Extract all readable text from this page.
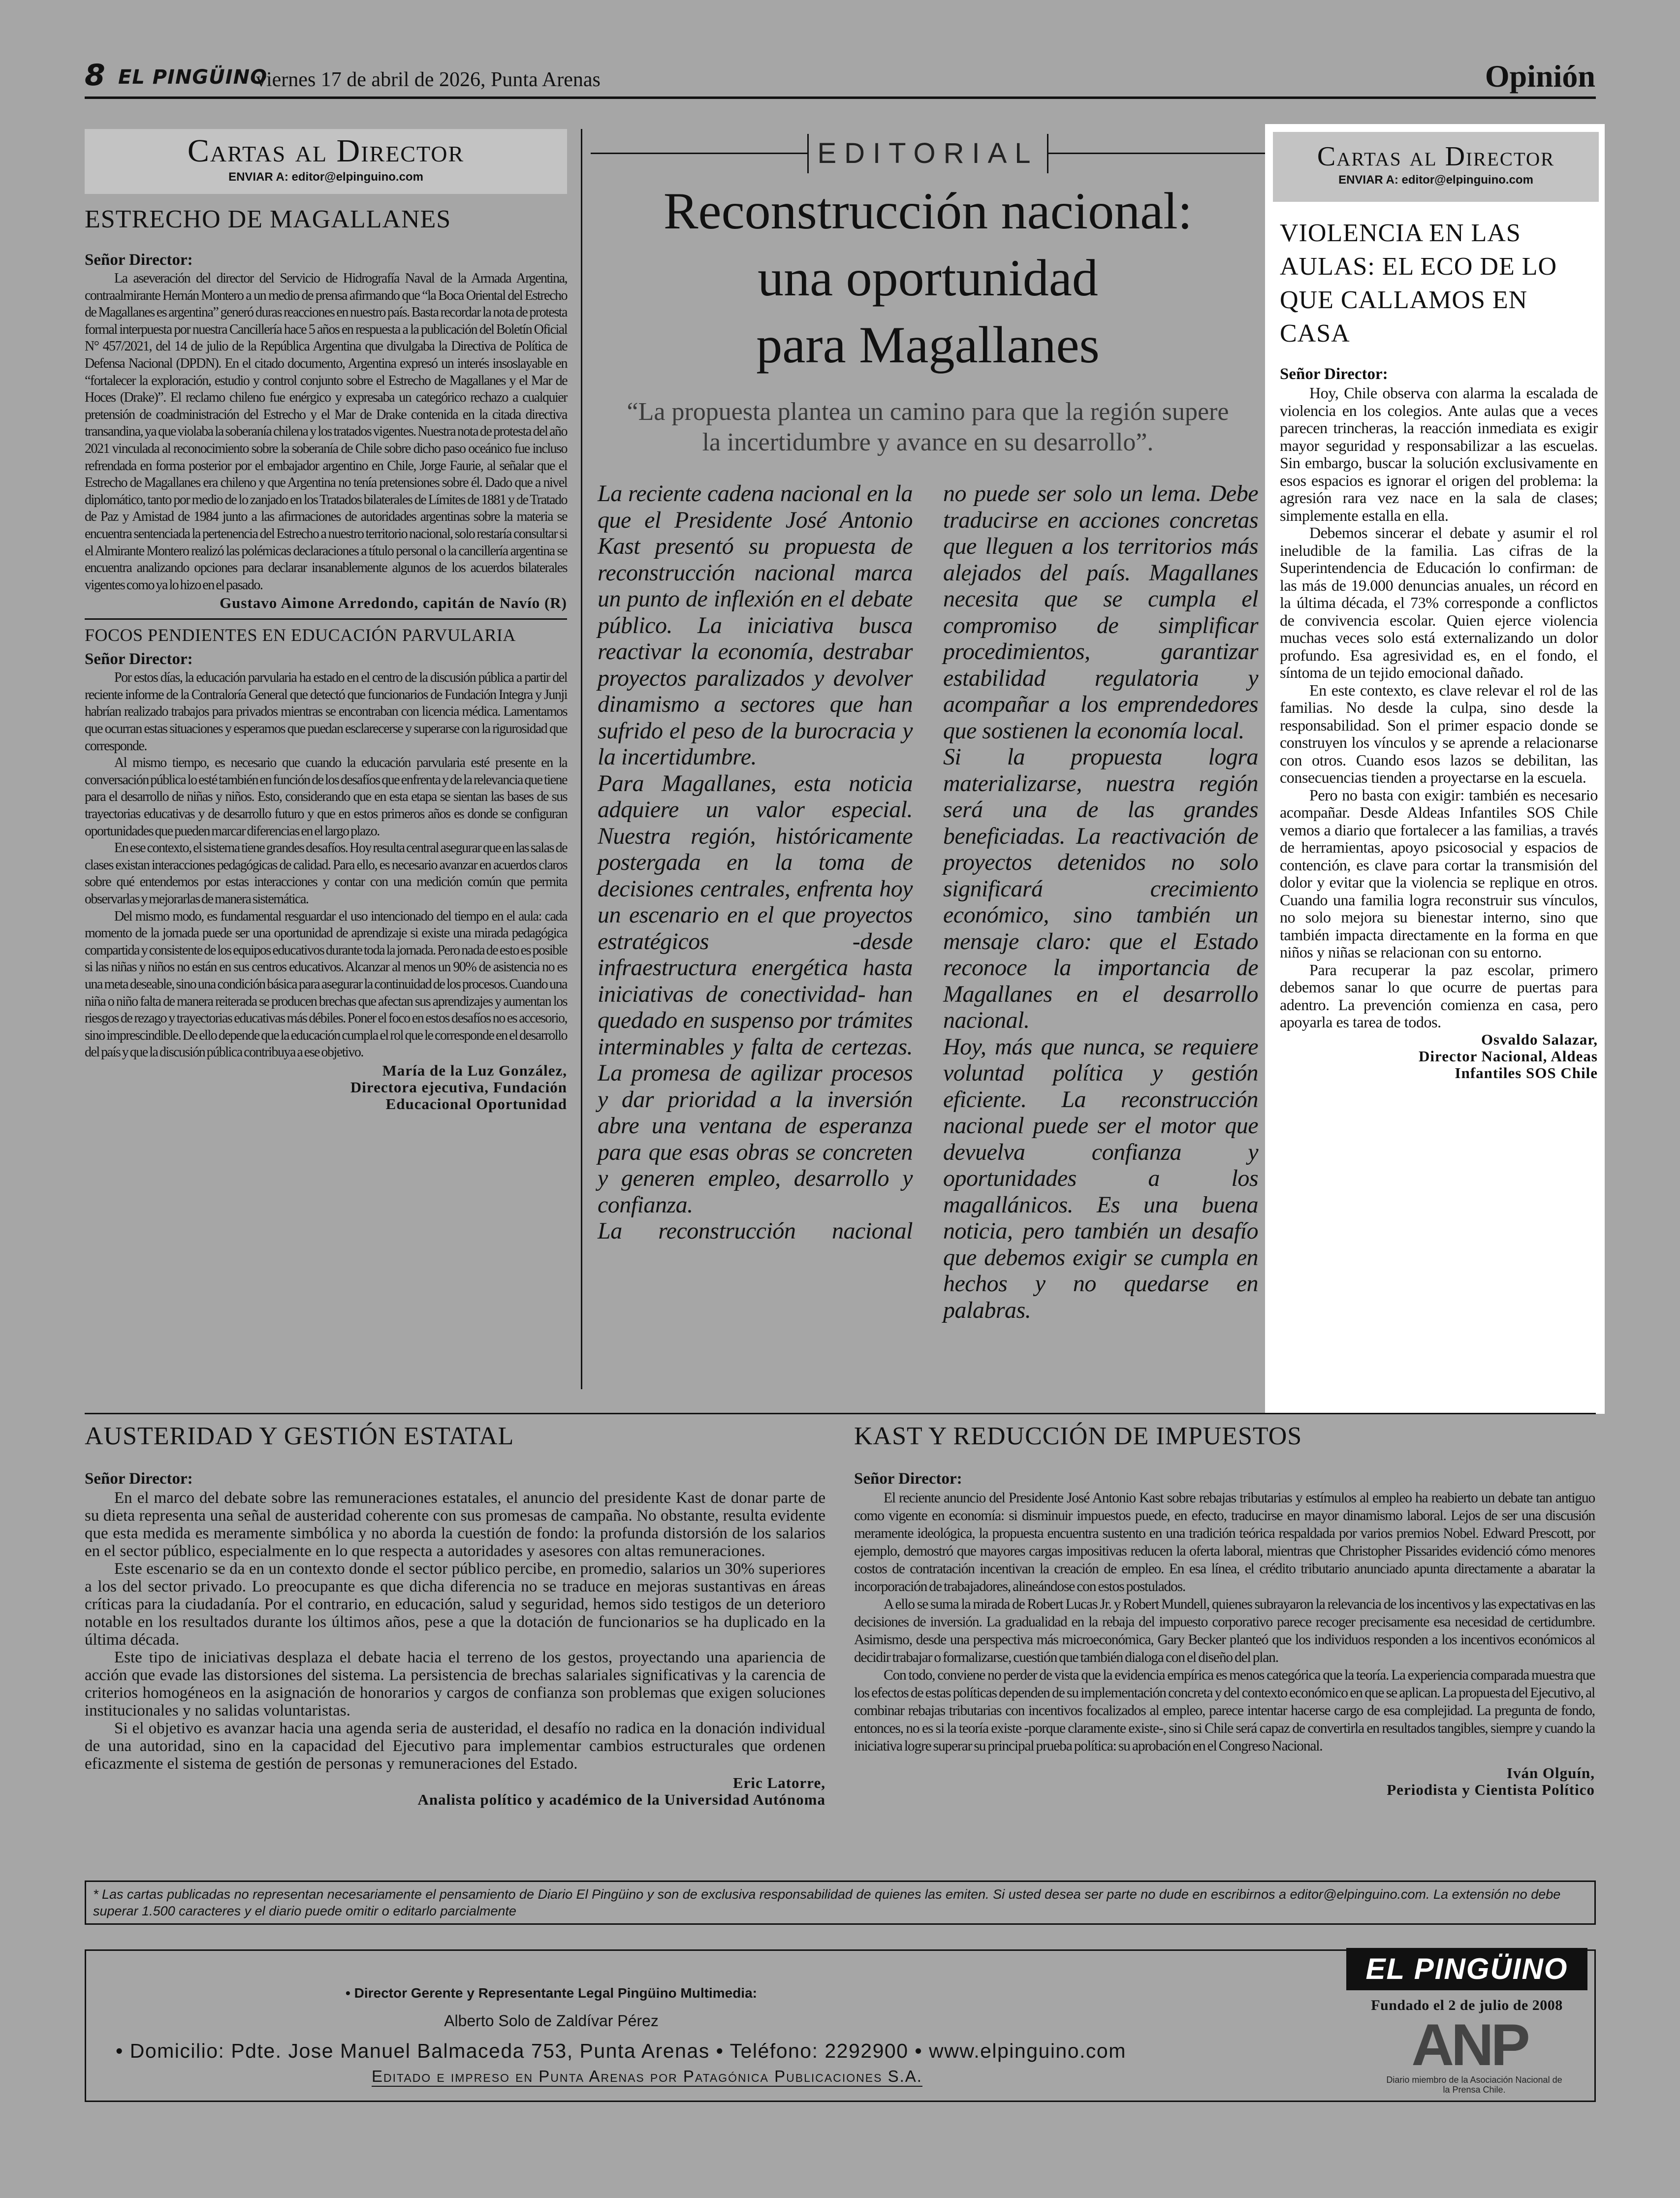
8 EL PINGÜINO
viernes 17 de abril de 2026, Punta Arenas	Opinión
Cartas al Director
ENVIAR A: editor@elpinguino.com
ESTRECHO DE MAGALLANES
Señor Director:

La aseveración del director del Servicio de Hidrografía Naval de la Armada Argentina, contraalmirante Hernán Montero a un medio de prensa afirmando que “la Boca Oriental del Estrecho de Magallanes es argentina” generó duras reacciones en nuestro país. Basta recordar la nota de protesta formal interpuesta por nuestra Cancillería hace 5 años en respuesta a la publicación del Boletín Oficial N° 457/2021, del 14 de julio de la República Argentina que divulgaba la Directiva de Política de Defensa Nacional (DPDN). En el citado documento, Argentina expresó un interés insoslayable en “fortalecer la exploración, estudio y control conjunto sobre el Estrecho de Magallanes y el Mar de Hoces (Drake)”. El reclamo chileno fue enérgico y expresaba un categórico rechazo a cualquier pretensión de coadministración del Estrecho y el Mar de Drake contenida en la citada directiva transandina, ya que violaba la soberanía chilena y los tratados vigentes. Nuestra nota de protesta del año 2021 vinculada al reconocimiento sobre la soberanía de Chile sobre dicho paso oceánico fue incluso refrendada en forma posterior por el embajador argentino en Chile, Jorge Faurie, al señalar que el Estrecho de Magallanes era chileno y que Argentina no tenía pretensiones sobre él. Dado que a nivel diplomático, tanto por medio de lo zanjado en los Tratados bilaterales de Límites de 1881 y de Tratado de Paz y Amistad de 1984 junto a las afirmaciones de autoridades argentinas sobre la materia se encuentra sentenciada la pertenencia del Estrecho a nuestro territorio nacional, solo restaría consultar si el Almirante Montero realizó las polémicas declaraciones a título personal o la cancillería argentina se encuentra analizando opciones para declarar insanablemente algunos de los acuerdos bilaterales vigentes como ya lo hizo en el pasado.

Gustavo Aimone Arredondo, capitán de Navío (R)
FOCOS PENDIENTES EN EDUCACIÓN PARVULARIA
Señor Director:

Por estos días, la educación parvularia ha estado en el centro de la discusión pública a partir del reciente informe de la Contraloría General que detectó que funcionarios de Fundación Integra y Junji habrían realizado trabajos para privados mientras se encontraban con licencia médica. Lamentamos que ocurran estas situaciones y esperamos que puedan esclarecerse y superarse con la rigurosidad que corresponde.

Al mismo tiempo, es necesario que cuando la educación parvularia esté presente en la conversación pública lo esté también en función de los desafíos que enfrenta y de la relevancia que tiene para el desarrollo de niñas y niños. Esto, considerando que en esta etapa se sientan las bases de sus trayectorias educativas y de desarrollo futuro y que en estos primeros años es donde se configuran oportunidades que pueden marcar diferencias en el largo plazo.

En ese contexto, el sistema tiene grandes desafíos. Hoy resulta central asegurar que en las salas de clases existan interacciones pedagógicas de calidad. Para ello, es necesario avanzar en acuerdos claros sobre qué entendemos por estas interacciones y contar con una medición común que permita observarlas y mejorarlas de manera sistemática.

Del mismo modo, es fundamental resguardar el uso intencionado del tiempo en el aula: cada momento de la jornada puede ser una oportunidad de aprendizaje si existe una mirada pedagógica compartida y consistente de los equipos educativos durante toda la jornada. Pero nada de esto es posible si las niñas y niños no están en sus centros educativos. Alcanzar al menos un 90% de asistencia no es una meta deseable, sino una condición básica para asegurar la continuidad de los procesos. Cuando una niña o niño falta de manera reiterada se producen brechas que afectan sus aprendizajes y aumentan los riesgos de rezago y trayectorias educativas más débiles. Poner el foco en estos desafíos no es accesorio, sino imprescindible. De ello depende que la educación cumpla el rol que le corresponde en el desarrollo del país y que la discusión pública contribuya a ese objetivo.

María de la Luz González,
Directora ejecutiva, Fundación
Educacional Oportunidad
EDITORIAL
Reconstrucción nacional:
una oportunidad
para Magallanes
“La propuesta plantea un camino para que la región supere la incertidumbre y avance en su desarrollo”.

La reciente cadena nacional en la que el Presidente José Antonio Kast presentó su propuesta de reconstrucción nacional marca un punto de inflexión en el debate público. La iniciativa busca reactivar la economía, destrabar proyectos paralizados y devolver dinamismo a sectores que han sufrido el peso de la burocracia y la incertidumbre.

Para Magallanes, esta noticia adquiere un valor especial. Nuestra región, históricamente postergada en la toma de decisiones centrales, enfrenta hoy un escenario en el que proyectos estratégicos -desde infraestructura energética hasta iniciativas de conectividad- han quedado en suspenso por trámites interminables y falta de certezas. La promesa de agilizar procesos y dar prioridad a la inversión abre una ventana de esperanza para que esas obras se concreten y generen empleo, desarrollo y confianza.

La reconstrucción nacional

no puede ser solo un lema. Debe traducirse en acciones concretas que lleguen a los territorios más alejados del país. Magallanes necesita que se cumpla el compromiso de simplificar procedimientos, garantizar estabilidad regulatoria y acompañar a los emprendedores que sostienen la economía local.

Si la propuesta logra materializarse, nuestra región será una de las grandes beneficiadas. La reactivación de proyectos detenidos no solo significará crecimiento económico, sino también un mensaje claro: que el Estado reconoce la importancia de Magallanes en el desarrollo nacional.

Hoy, más que nunca, se requiere voluntad política y gestión eficiente. La reconstrucción nacional puede ser el motor que devuelva confianza y oportunidades a los magallánicos. Es una buena noticia, pero también un desafío que debemos exigir se cumpla en hechos y no quedarse en palabras.

Cartas al Director
ENVIAR A: editor@elpinguino.com
VIOLENCIA EN LAS AULAS: EL ECO DE LO QUE CALLAMOS EN CASA
Señor Director:

Hoy, Chile observa con alarma la escalada de violencia en los colegios. Ante aulas que a veces parecen trincheras, la reacción inmediata es exigir mayor seguridad y responsabilizar a las escuelas. Sin embargo, buscar la solución exclusivamente en esos espacios es ignorar el origen del problema: la agresión rara vez nace en la sala de clases; simplemente estalla en ella.

Debemos sincerar el debate y asumir el rol ineludible de la familia. Las cifras de la Superintendencia de Educación lo confirman: de las más de 19.000 denuncias anuales, un récord en la última década, el 73% corresponde a conflictos de convivencia escolar. Quien ejerce violencia muchas veces solo está externalizando un dolor profundo. Esa agresividad es, en el fondo, el síntoma de un tejido emocional dañado.

En este contexto, es clave relevar el rol de las familias. No desde la culpa, sino desde la responsabilidad. Son el primer espacio donde se construyen los vínculos y se aprende a relacionarse con otros. Cuando esos lazos se debilitan, las consecuencias tienden a proyectarse en la escuela.

Pero no basta con exigir: también es necesario acompañar. Desde Aldeas Infantiles SOS Chile vemos a diario que fortalecer a las familias, a través de herramientas, apoyo psicosocial y espacios de contención, es clave para cortar la transmisión del dolor y evitar que la violencia se replique en otros. Cuando una familia logra reconstruir sus vínculos, no solo mejora su bienestar interno, sino que también impacta directamente en la forma en que niños y niñas se relacionan con su entorno.

Para recuperar la paz escolar, primero debemos sanar lo que ocurre de puertas para adentro. La prevención comienza en casa, pero apoyarla es tarea de todos.

Osvaldo Salazar,
Director Nacional, Aldeas
Infantiles SOS Chile
AUSTERIDAD Y GESTIÓN ESTATAL
Señor Director:

En el marco del debate sobre las remuneraciones estatales, el anuncio del presidente Kast de donar parte de su dieta representa una señal de austeridad coherente con sus promesas de campaña. No obstante, resulta evidente que esta medida es meramente simbólica y no aborda la cuestión de fondo: la profunda distorsión de los salarios en el sector público, especialmente en lo que respecta a autoridades y asesores con altas remuneraciones.

Este escenario se da en un contexto donde el sector público percibe, en promedio, salarios un 30% superiores a los del sector privado. Lo preocupante es que dicha diferencia no se traduce en mejoras sustantivas en áreas críticas para la ciudadanía. Por el contrario, en educación, salud y seguridad, hemos sido testigos de un deterioro notable en los resultados durante los últimos años, pese a que la dotación de funcionarios se ha duplicado en la última década.

Este tipo de iniciativas desplaza el debate hacia el terreno de los gestos, proyectando una apariencia de acción que evade las distorsiones del sistema. La persistencia de brechas salariales significativas y la carencia de criterios homogéneos en la asignación de honorarios y cargos de confianza son problemas que exigen soluciones institucionales y no salidas voluntaristas.

Si el objetivo es avanzar hacia una agenda seria de austeridad, el desafío no radica en la donación individual de una autoridad, sino en la capacidad del Ejecutivo para implementar cambios estructurales que ordenen eficazmente el sistema de gestión de personas y remuneraciones del Estado.

Eric Latorre,
Analista político y académico de la Universidad Autónoma
KAST Y REDUCCIÓN DE IMPUESTOS
Señor Director:

El reciente anuncio del Presidente José Antonio Kast sobre rebajas tributarias y estímulos al empleo ha reabierto un debate tan antiguo como vigente en economía: si disminuir impuestos puede, en efecto, traducirse en mayor dinamismo laboral. Lejos de ser una discusión meramente ideológica, la propuesta encuentra sustento en una tradición teórica respaldada por varios premios Nobel. Edward Prescott, por ejemplo, demostró que mayores cargas impositivas reducen la oferta laboral, mientras que Christopher Pissarides evidenció cómo menores costos de contratación incentivan la creación de empleo. En esa línea, el crédito tributario anunciado apunta directamente a abaratar la incorporación de trabajadores, alineándose con estos postulados.

A ello se suma la mirada de Robert Lucas Jr. y Robert Mundell, quienes subrayaron la relevancia de los incentivos y las expectativas en las decisiones de inversión. La gradualidad en la rebaja del impuesto corporativo parece recoger precisamente esa necesidad de certidumbre. Asimismo, desde una perspectiva más microeconómica, Gary Becker planteó que los individuos responden a los incentivos económicos al decidir trabajar o formalizarse, cuestión que también dialoga con el diseño del plan.

Con todo, conviene no perder de vista que la evidencia empírica es menos categórica que la teoría. La experiencia comparada muestra que los efectos de estas políticas dependen de su implementación concreta y del contexto económico en que se aplican. La propuesta del Ejecutivo, al combinar rebajas tributarias con incentivos focalizados al empleo, parece intentar hacerse cargo de esa complejidad. La pregunta de fondo, entonces, no es si la teoría existe -porque claramente existe-, sino si Chile será capaz de convertirla en resultados tangibles, siempre y cuando la iniciativa logre superar su principal prueba política: su aprobación en el Congreso Nacional.

Iván Olguín,
Periodista y Cientista Político
* Las cartas publicadas no representan necesariamente el pensamiento de Diario El Pingüino y son de exclusiva responsabilidad de quienes las emiten. Si usted desea ser parte no dude en escribirnos a editor@elpinguino.com. La extensión no debe superar 1.500 caracteres y el diario puede omitir o editarlo parcialmente
• Director Gerente y Representante Legal Pingüino Multimedia:
Alberto Solo de Zaldívar Pérez
• Domicilio: Pdte. Jose Manuel Balmaceda 753, Punta Arenas • Teléfono: 2292900 • www.elpinguino.com
Editado e impreso en Punta Arenas por Patagónica Publicaciones S.A.
EL PINGÜINO
Fundado el 2 de julio de 2008
ANP
Diario miembro de la Asociación Nacional de la Prensa Chile.
